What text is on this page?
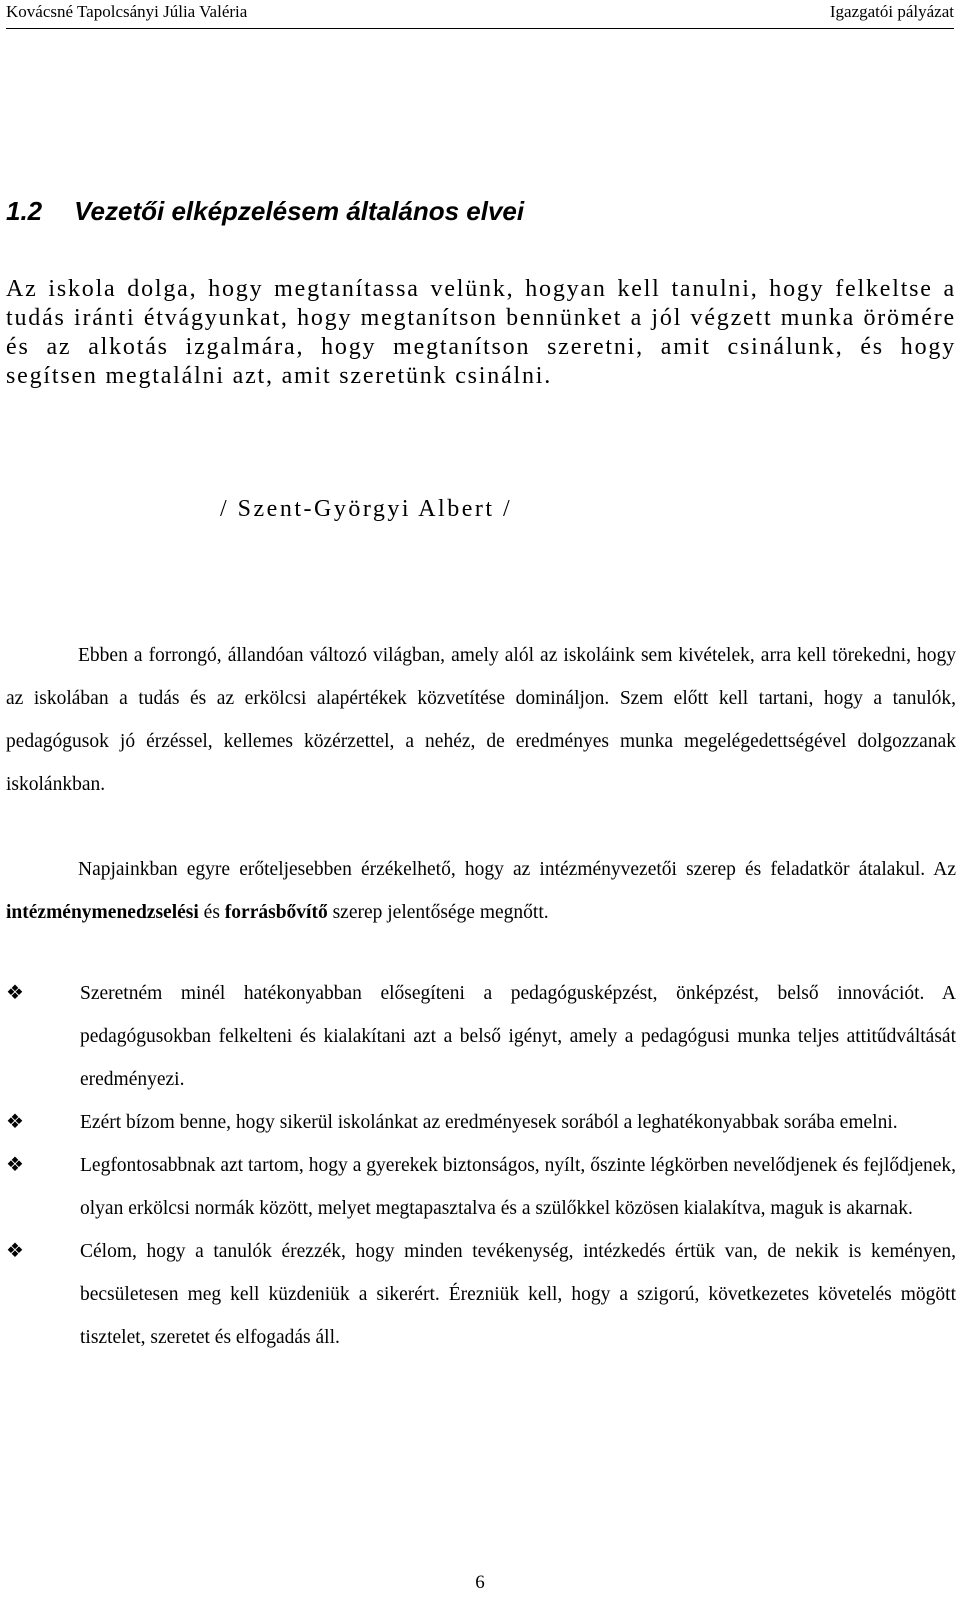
Kovácsné Tapolcsányi Júlia Valéria	Igazgatói pályázat
1.2 Vezetői elképzelésem általános elvei
Az iskola dolga, hogy megtanítassa velünk, hogyan kell tanulni, hogy felkeltse a tudás iránti étvágyunkat, hogy megtanítson bennünket a jól végzett munka örömére és az alkotás izgalmára, hogy megtanítson szeretni, amit csinálunk, és hogy segítsen megtalálni azt, amit szeretünk csinálni.
/ Szent-Györgyi Albert /

Ebben a forrongó, állandóan változó világban, amely alól az iskoláink sem kivételek, arra kell törekedni, hogy az iskolában a tudás és az erkölcsi alapértékek közvetítése domináljon. Szem előtt kell tartani, hogy a tanulók, pedagógusok jó érzéssel, kellemes közérzettel, a nehéz, de eredményes munka megelégedettségével dolgozzanak iskolánkban.

Napjainkban egyre erőteljesebben érzékelhető, hogy az intézményvezetői szerep és feladatkör átalakul. Az intézménymenedzselési és forrásbővítő szerep jelentősége megnőtt.

❖	Szeretném minél hatékonyabban elősegíteni a pedagógusképzést, önképzést, belső innovációt. A pedagógusokban felkelteni és kialakítani azt a belső igényt, amely a pedagógusi munka teljes attitűdváltását eredményezi.
❖	Ezért bízom benne, hogy sikerül iskolánkat az eredményesek sorából a leghatékonyabbak sorába emelni.
❖	Legfontosabbnak azt tartom, hogy a gyerekek biztonságos, nyílt, őszinte légkörben nevelődjenek és fejlődjenek, olyan erkölcsi normák között, melyet megtapasztalva és a szülőkkel közösen kialakítva, maguk is akarnak.
❖	Célom, hogy a tanulók érezzék, hogy minden tevékenység, intézkedés értük van, de nekik is keményen, becsületesen meg kell küzdeniük a sikerért. Érezniük kell, hogy a szigorú, következetes követelés mögött tisztelet, szeretet és elfogadás áll.
6
